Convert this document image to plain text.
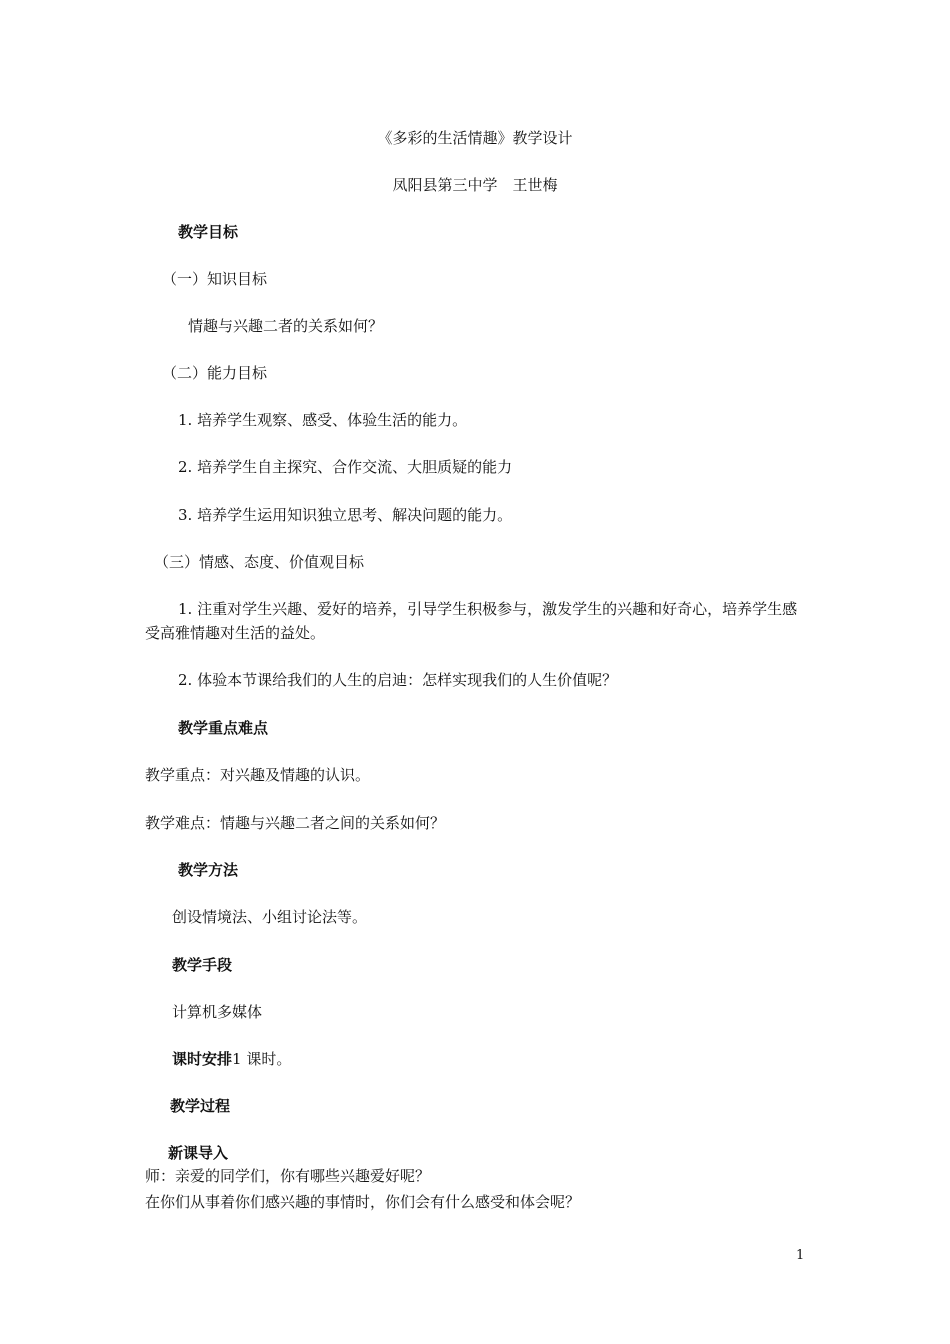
《多彩的生活情趣》教学设计
凤阳县第三中学　王世梅
教学目标
（一）知识目标
情趣与兴趣二者的关系如何？
（二）能力目标
1. 培养学生观察、感受、体验生活的能力。
2. 培养学生自主探究、合作交流、大胆质疑的能力
3. 培养学生运用知识独立思考、解决问题的能力。
（三）情感、态度、价值观目标
1. 注重对学生兴趣、爱好的培养，引导学生积极参与，激发学生的兴趣和好奇心，培养学生感受高雅情趣对生活的益处。
2. 体验本节课给我们的人生的启迪：怎样实现我们的人生价值呢？
教学重点难点
教学重点：对兴趣及情趣的认识。
教学难点：情趣与兴趣二者之间的关系如何？
教学方法
创设情境法、小组讨论法等。
教学手段
计算机多媒体
课时安排1 课时。
教学过程
新课导入
师：亲爱的同学们，你有哪些兴趣爱好呢？
在你们从事着你们感兴趣的事情时，你们会有什么感受和体会呢？
1
